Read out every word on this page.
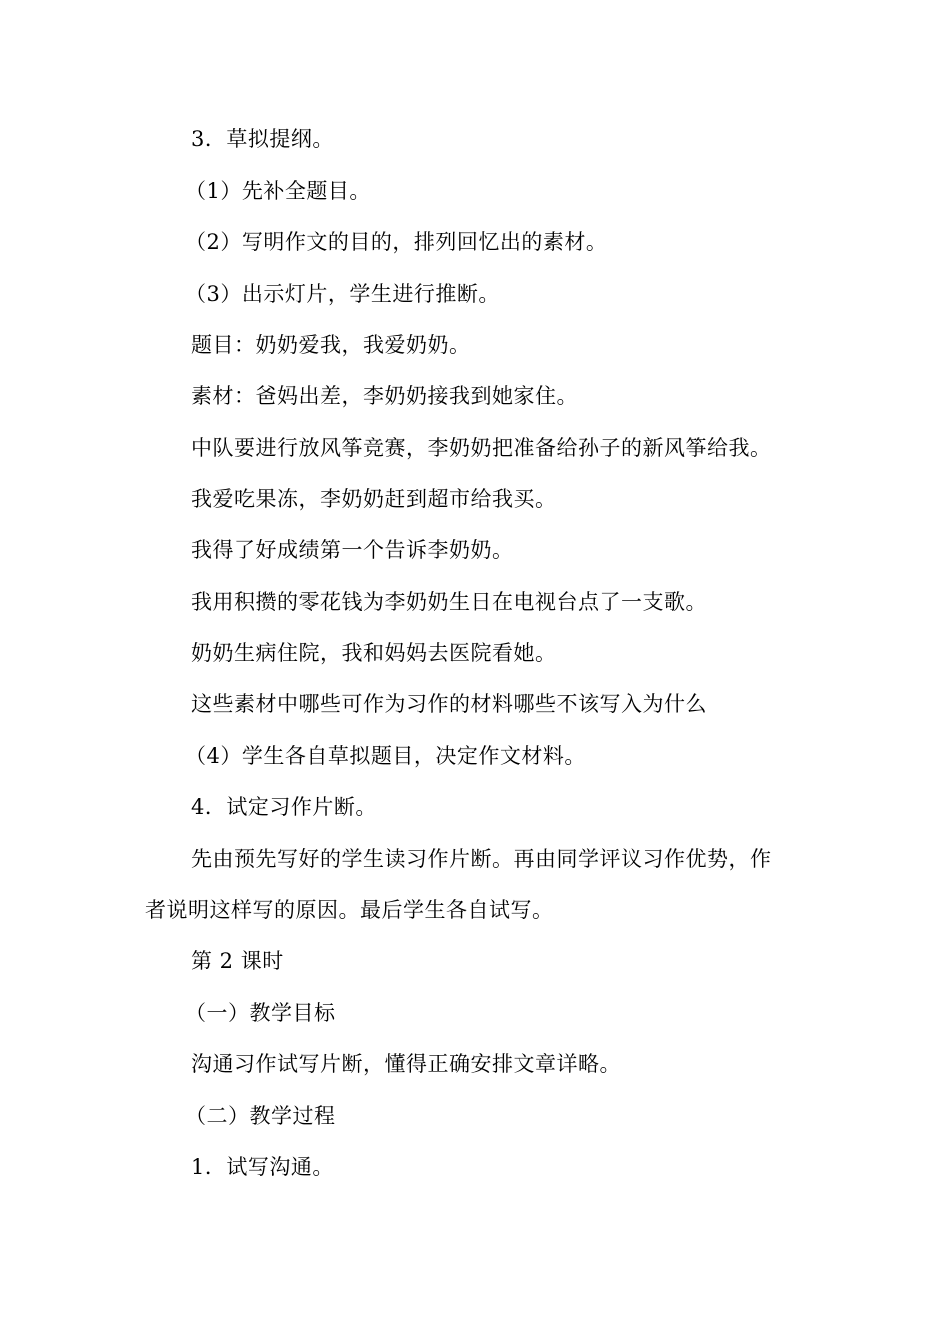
3．草拟提纲。
（1）先补全题目。
（2）写明作文的目的，排列回忆出的素材。
（3）出示灯片，学生进行推断。
题目：奶奶爱我，我爱奶奶。
素材：爸妈出差，李奶奶接我到她家住。
中队要进行放风筝竞赛，李奶奶把准备给孙子的新风筝给我。
我爱吃果冻，李奶奶赶到超市给我买。
我得了好成绩第一个告诉李奶奶。
我用积攒的零花钱为李奶奶生日在电视台点了一支歌。
奶奶生病住院，我和妈妈去医院看她。
这些素材中哪些可作为习作的材料哪些不该写入为什么
（4）学生各自草拟题目，决定作文材料。
4．试定习作片断。
先由预先写好的学生读习作片断。再由同学评议习作优势，作
者说明这样写的原因。最后学生各自试写。
第 2 课时
（一）教学目标
沟通习作试写片断，懂得正确安排文章详略。
（二）教学过程
1．试写沟通。
